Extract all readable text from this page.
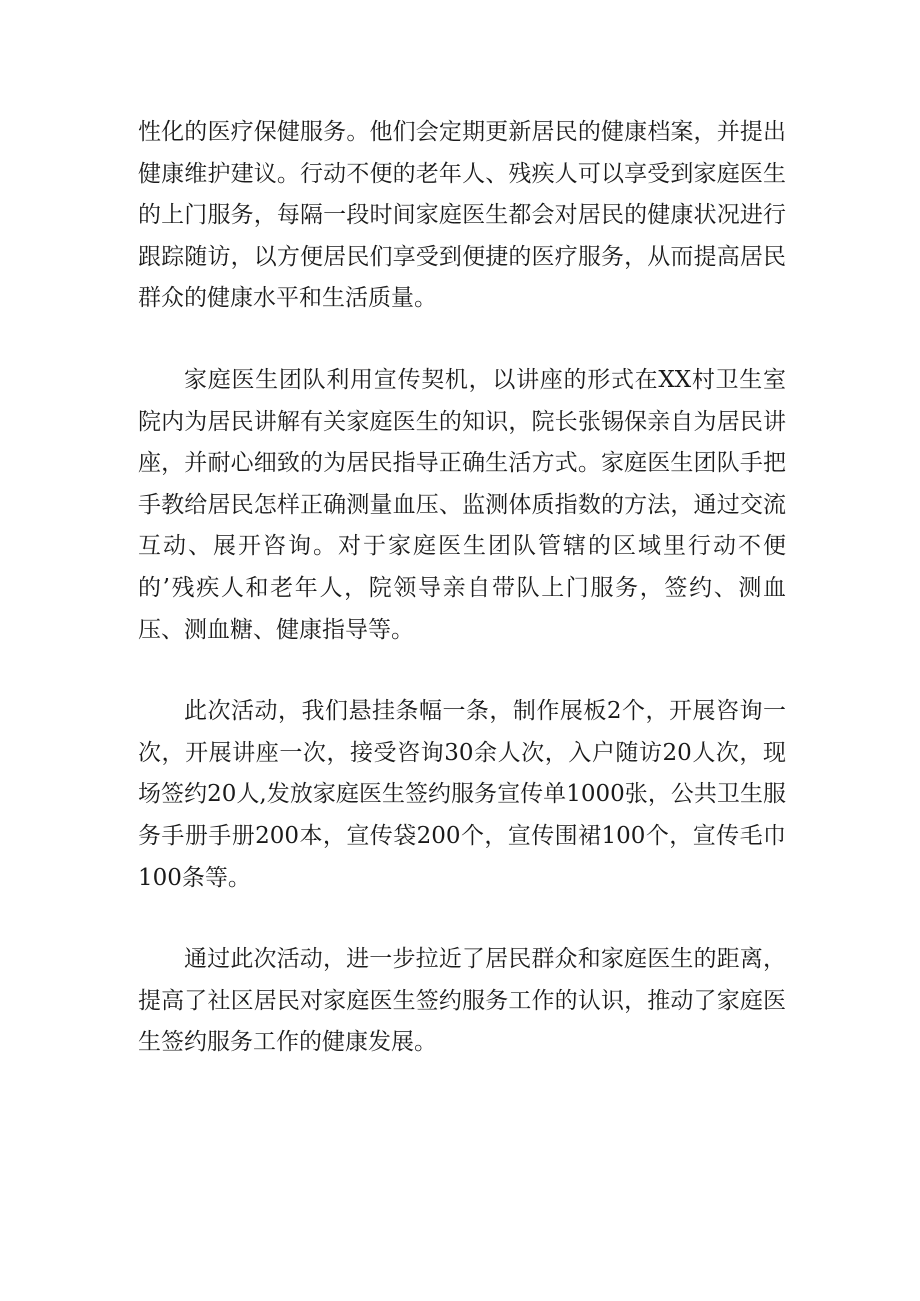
性化的医疗保健服务。他们会定期更新居民的健康档案，并提出健康维护建议。行动不便的老年人、残疾人可以享受到家庭医生的上门服务，每隔一段时间家庭医生都会对居民的健康状况进行跟踪随访，以方便居民们享受到便捷的医疗服务，从而提高居民群众的健康水平和生活质量。

家庭医生团队利用宣传契机，以讲座的形式在XX村卫生室院内为居民讲解有关家庭医生的知识，院长张锡保亲自为居民讲座，并耐心细致的为居民指导正确生活方式。家庭医生团队手把手教给居民怎样正确测量血压、监测体质指数的方法，通过交流互动、展开咨询。对于家庭医生团队管辖的区域里行动不便的’残疾人和老年人，院领导亲自带队上门服务，签约、测血压、测血糖、健康指导等。

此次活动，我们悬挂条幅一条，制作展板2个，开展咨询一次，开展讲座一次，接受咨询30余人次，入户随访20人次，现场签约20人,发放家庭医生签约服务宣传单1000张，公共卫生服务手册手册200本，宣传袋200个，宣传围裙100个，宣传毛巾100条等。

通过此次活动，进一步拉近了居民群众和家庭医生的距离，提高了社区居民对家庭医生签约服务工作的认识，推动了家庭医生签约服务工作的健康发展。
